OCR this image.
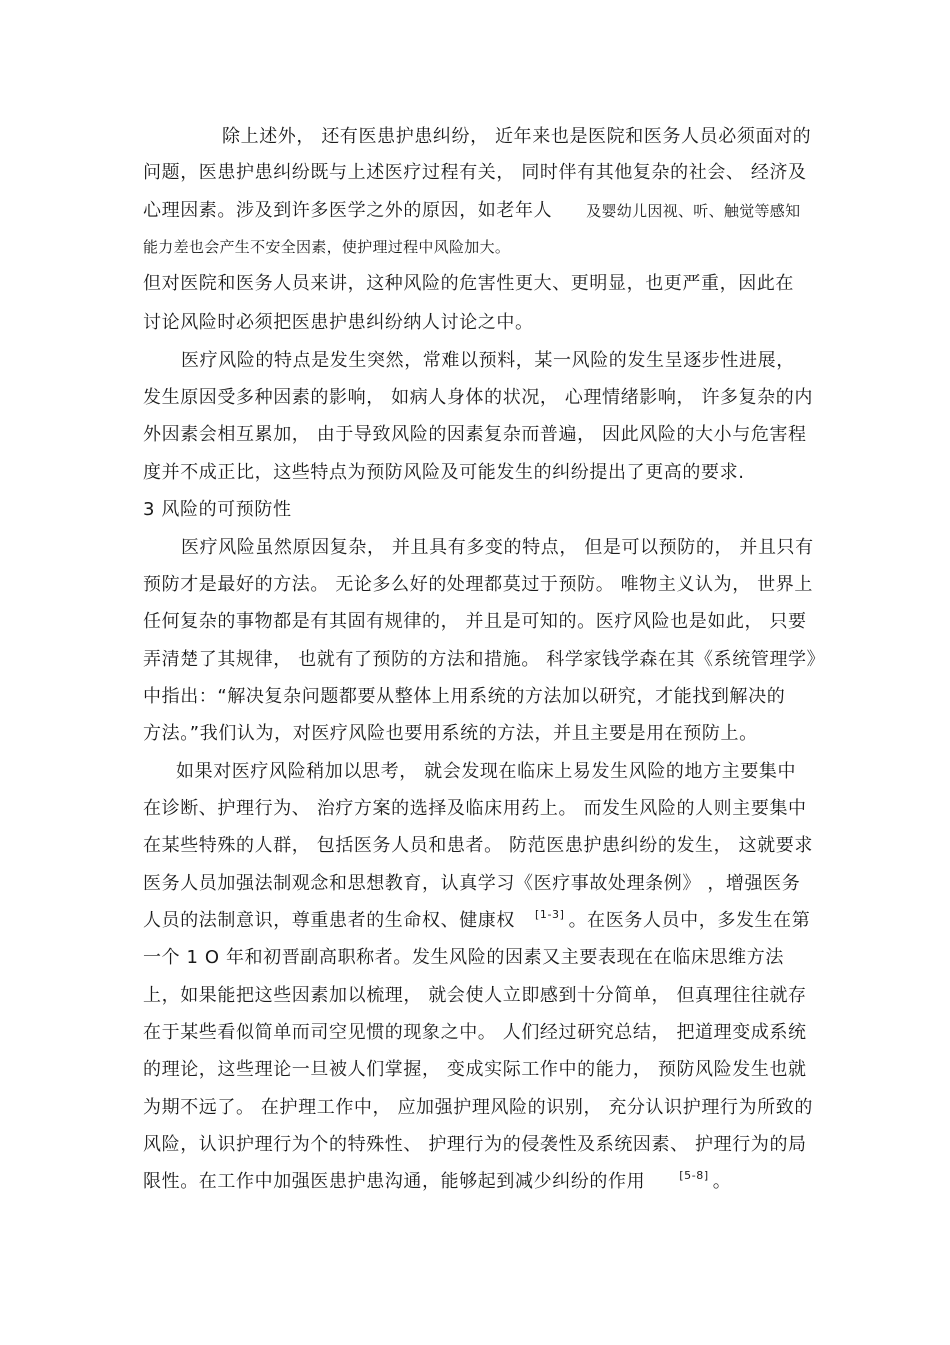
除上述外， 还有医患护患纠纷， 近年来也是医院和医务人员必须面对的
问题，医患护患纠纷既与上述医疗过程有关， 同时伴有其他复杂的社会、 经济及
心理因素。涉及到许多医学之外的原因，如老年人 及婴幼儿因视、听、触觉等感知
能力差也会产生不安全因素，使护理过程中风险加大。
但对医院和医务人员来讲，这种风险的危害性更大、更明显，也更严重，因此在
讨论风险时必须把医患护患纠纷纳人讨论之中。
医疗风险的特点是发生突然，常难以预料，某一风险的发生呈逐步性进展，
发生原因受多种因素的影响， 如病人身体的状况， 心理情绪影响， 许多复杂的内
外因素会相互累加， 由于导致风险的因素复杂而普遍， 因此风险的大小与危害程
度并不成正比，这些特点为预防风险及可能发生的纠纷提出了更高的要求.
3 风险的可预防性
医疗风险虽然原因复杂， 并且具有多变的特点， 但是可以预防的， 并且只有
预防才是最好的方法。 无论多么好的处理都莫过于预防。 唯物主义认为， 世界上
任何复杂的事物都是有其固有规律的， 并且是可知的。医疗风险也是如此， 只要
弄清楚了其规律， 也就有了预防的方法和措施。 科学家钱学森在其《系统管理学》
中指出：“解决复杂问题都要从整体上用系统的方法加以研究，才能找到解决的
方法。”我们认为，对医疗风险也要用系统的方法，并且主要是用在预防上。
如果对医疗风险稍加以思考， 就会发现在临床上易发生风险的地方主要集中
在诊断、护理行为、 治疗方案的选择及临床用药上。 而发生风险的人则主要集中
在某些特殊的人群， 包括医务人员和患者。 防范医患护患纠纷的发生， 这就要求
医务人员加强法制观念和思想教育，认真学习《医疗事故处理条例》 ，增强医务
人员的法制意识，尊重患者的生命权、健康权 [1-3] 。在医务人员中，多发生在第
一个 1 O 年和初晋副高职称者。发生风险的因素又主要表现在在临床思维方法
上，如果能把这些因素加以梳理， 就会使人立即感到十分简单， 但真理往往就存
在于某些看似简单而司空见惯的现象之中。 人们经过研究总结， 把道理变成系统
的理论，这些理论一旦被人们掌握， 变成实际工作中的能力， 预防风险发生也就
为期不远了。 在护理工作中， 应加强护理风险的识别， 充分认识护理行为所致的
风险，认识护理行为个的特殊性、 护理行为的侵袭性及系统因素、 护理行为的局
限性。在工作中加强医患护患沟通，能够起到减少纠纷的作用	[5-8] 。
